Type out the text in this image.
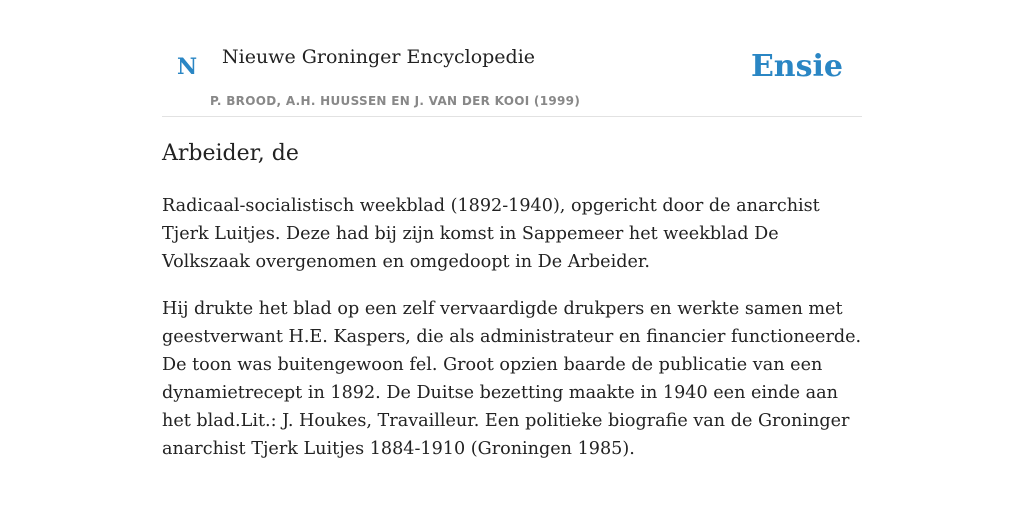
N Nieuwe Groninger Encyclopedie
P. BROOD, A.H. HUUSSEN EN J. VAN DER KOOI (1999)
Ensie
Arbeider, de

Radicaal-socialistisch weekblad (1892-1940), opgericht door de anarchist Tjerk Luitjes. Deze had bij zijn komst in Sappemeer het weekblad De Volkszaak overgenomen en omgedoopt in De Arbeider.

Hij drukte het blad op een zelf vervaardigde drukpers en werkte samen met geestverwant H.E. Kaspers, die als administrateur en financier functioneerde. De toon was buitengewoon fel. Groot opzien baarde de publicatie van een dynamietrecept in 1892. De Duitse bezetting maakte in 1940 een einde aan het blad.Lit.: J. Houkes, Travailleur. Een politieke biografie van de Groninger anarchist Tjerk Luitjes 1884-1910 (Groningen 1985).
